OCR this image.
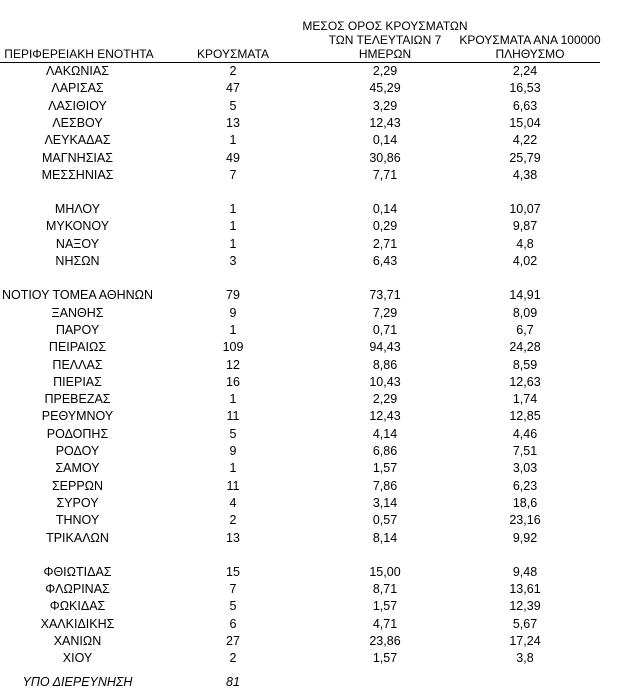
ΠΕΡΙΦΕΡΕΙΑΚΗ ΕΝΟΤΗΤΑ	ΚΡΟΥΣΜΑΤΑ
ΜΕΣΟΣ ΟΡΟΣ ΚΡΟΥΣΜΑΤΩΝ
ΤΩΝ ΤΕΛΕΥΤΑΙΩΝ 7
ΗΜΕΡΩΝ
ΚΡΟΥΣΜΑΤΑ ΑΝΑ 100000
ΠΛΗΘΥΣΜΟ
ΛΑΚΩΝΙΑΣ	2	2,29	2,24
ΛΑΡΙΣΑΣ	47	45,29	16,53
ΛΑΣΙΘΙΟΥ	5	3,29	6,63
ΛΕΣΒΟΥ	13	12,43	15,04
ΛΕΥΚΑΔΑΣ	1	0,14	4,22
ΜΑΓΝΗΣΙΑΣ	49	30,86	25,79
ΜΕΣΣΗΝΙΑΣ	7	7,71	4,38
ΜΗΛΟΥ	1	0,14	10,07
ΜΥΚΟΝΟΥ	1	0,29	9,87
ΝΑΞΟΥ	1	2,71	4,8
ΝΗΣΩΝ	3	6,43	4,02
ΝΟΤΙΟΥ ΤΟΜΕΑ ΑΘΗΝΩΝ	79	73,71	14,91
ΞΑΝΘΗΣ	9	7,29	8,09
ΠΑΡΟΥ	1	0,71	6,7
ΠΕΙΡΑΙΩΣ	109	94,43	24,28
ΠΕΛΛΑΣ	12	8,86	8,59
ΠΙΕΡΙΑΣ	16	10,43	12,63
ΠΡΕΒΕΖΑΣ	1	2,29	1,74
ΡΕΘΥΜΝΟΥ	11	12,43	12,85
ΡΟΔΟΠΗΣ	5	4,14	4,46
ΡΟΔΟΥ	9	6,86	7,51
ΣΑΜΟΥ	1	1,57	3,03
ΣΕΡΡΩΝ	11	7,86	6,23
ΣΥΡΟΥ	4	3,14	18,6
ΤΗΝΟΥ	2	0,57	23,16
ΤΡΙΚΑΛΩΝ	13	8,14	9,92
ΦΘΙΩΤΙΔΑΣ	15	15,00	9,48
ΦΛΩΡΙΝΑΣ	7	8,71	13,61
ΦΩΚΙΔΑΣ	5	1,57	12,39
ΧΑΛΚΙΔΙΚΗΣ	6	4,71	5,67
ΧΑΝΙΩΝ	27	23,86	17,24
ΧΙΟΥ	2	1,57	3,8
ΥΠΟ ΔΙΕΡΕΥΝΗΣΗ	81
